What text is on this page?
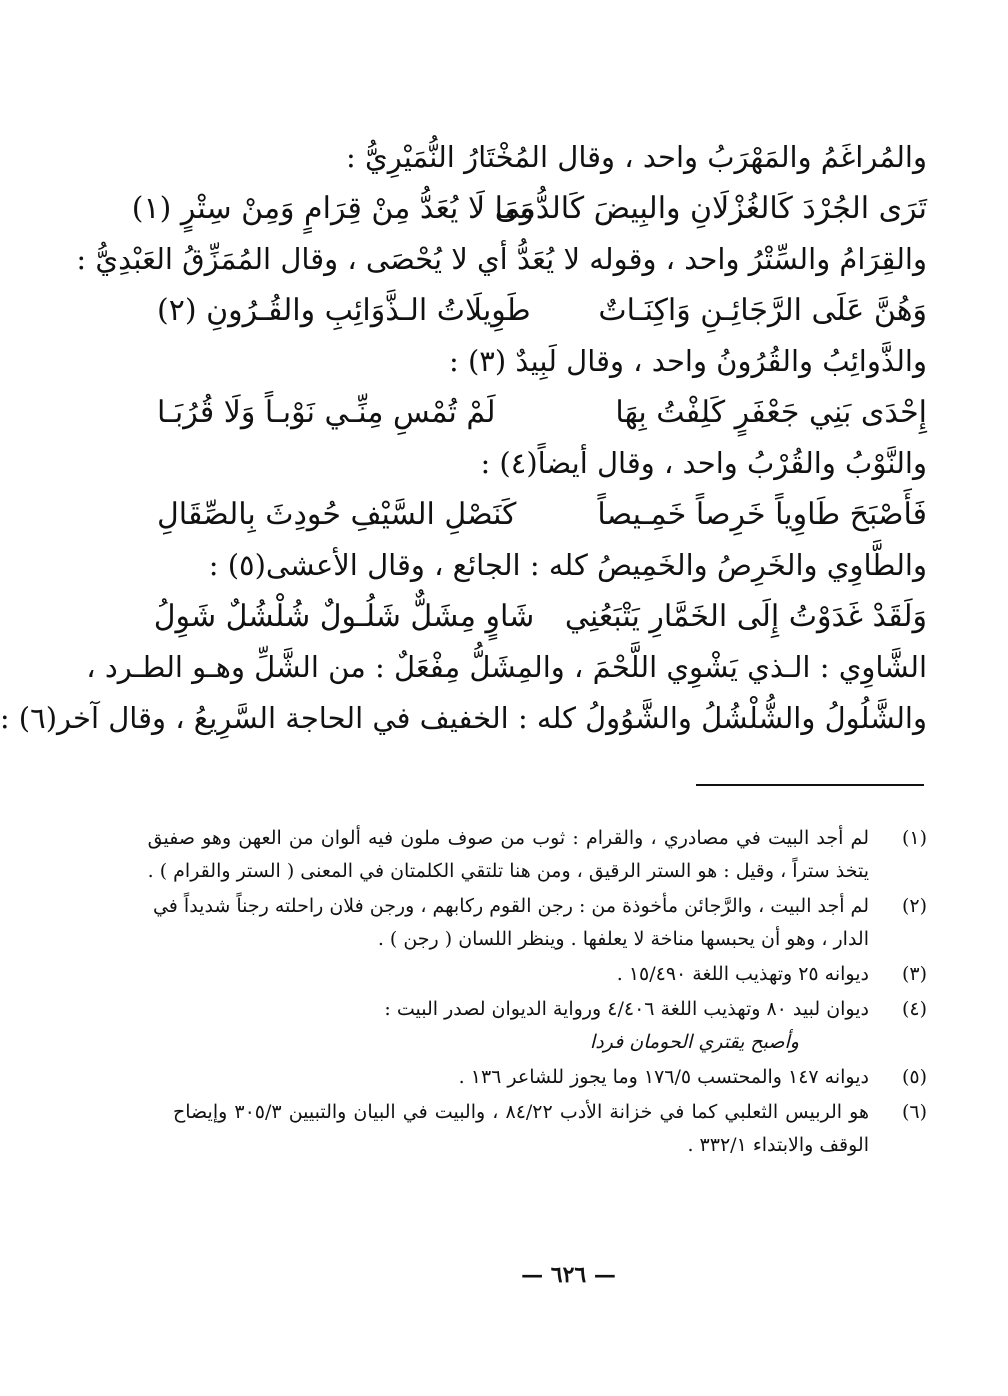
والمُراغَمُ والمَهْرَبُ واحد ، وقال المُخْتَارُ النُّمَيْرِيُّ :
تَرَى الجُرْدَ كَالغُزْلَانِ والبِيضَ كَالدُّمى
وَمَا لَا يُعَدُّ مِنْ قِرَامٍ وَمِنْ سِتْرٍ (١)
والقِرَامُ والسِّتْرُ واحد ، وقوله لا يُعَدُّ أي لا يُحْصَى ، وقال المُمَزِّقُ العَبْدِيُّ :
وَهُنَّ عَلَى الرَّجَائِـنِ وَاكِنَـاتٌ
طَوِيلَاتُ الـذَّوَائِبِ والقُـرُونِ (٢)
والذَّوائِبُ والقُرُونُ واحد ، وقال لَبِيدٌ (٣) :
إِحْدَى بَنِي جَعْفَرٍ كَلِفْتُ بِهَا
لَمْ تُمْسِ مِنِّـي نَوْبـاً وَلَا قُرُبَـا
والنَّوْبُ والقُرْبُ واحد ، وقال أيضاً(٤) :
فَأَصْبَحَ طَاوِياً خَرِصاً خَمِـيصاً
كَنَصْلِ السَّيْفِ حُودِثَ بِالصِّقَالِ
والطَّاوِي والخَرِصُ والخَمِيصُ كله : الجائع ، وقال الأعشى(٥) :
وَلَقَدْ غَدَوْتُ إِلَى الخَمَّارِ يَتْبَعُنِي
شَاوٍ مِشَلٌّ شَلُـولٌ شُلْشُلٌ شَوِلُ
الشَّاوِي : الـذي يَشْوِي اللَّحْمَ ، والمِشَلُّ مِفْعَلٌ : من الشَّلِّ وهـو الطـرد ،
والشَّلُولُ والشُّلْشُلُ والشَّوُولُ كله : الخفيف في الحاجة السَّرِيعُ ، وقال آخر(٦) :
(١)
لم أجد البيت في مصادري ، والقرام : ثوب من صوف ملون فيه ألوان من العهن وهو صفيق
يتخذ ستراً ، وقيل : هو الستر الرقيق ، ومن هنا تلتقي الكلمتان في المعنى ( الستر والقرام ) .
(٢)
لم أجد البيت ، والرَّجائن مأخوذة من : رجن القوم ركابهم ، ورجن فلان راحلته رجناً شديداً في
الدار ، وهو أن يحبسها مناخة لا يعلفها . وينظر اللسان ( رجن ) .
(٣)
ديوانه ٢٥ وتهذيب اللغة ١٥/٤٩٠ .
(٤)
ديوان لبيد ٨٠ وتهذيب اللغة ٤/٤٠٦ ورواية الديوان لصدر البيت :
وأصبح يقتري الحومان فردا
(٥)
ديوانه ١٤٧ والمحتسب ١٧٦/٥ وما يجوز للشاعر ١٣٦ .
(٦)
هو الربيس الثعلبي كما في خزانة الأدب ٨٤/٢٢ ، والبيت في البيان والتبيين ٣٠٥/٣ وإيضاح
الوقف والابتداء ٣٣٢/١ .
— ٦٢٦ —
